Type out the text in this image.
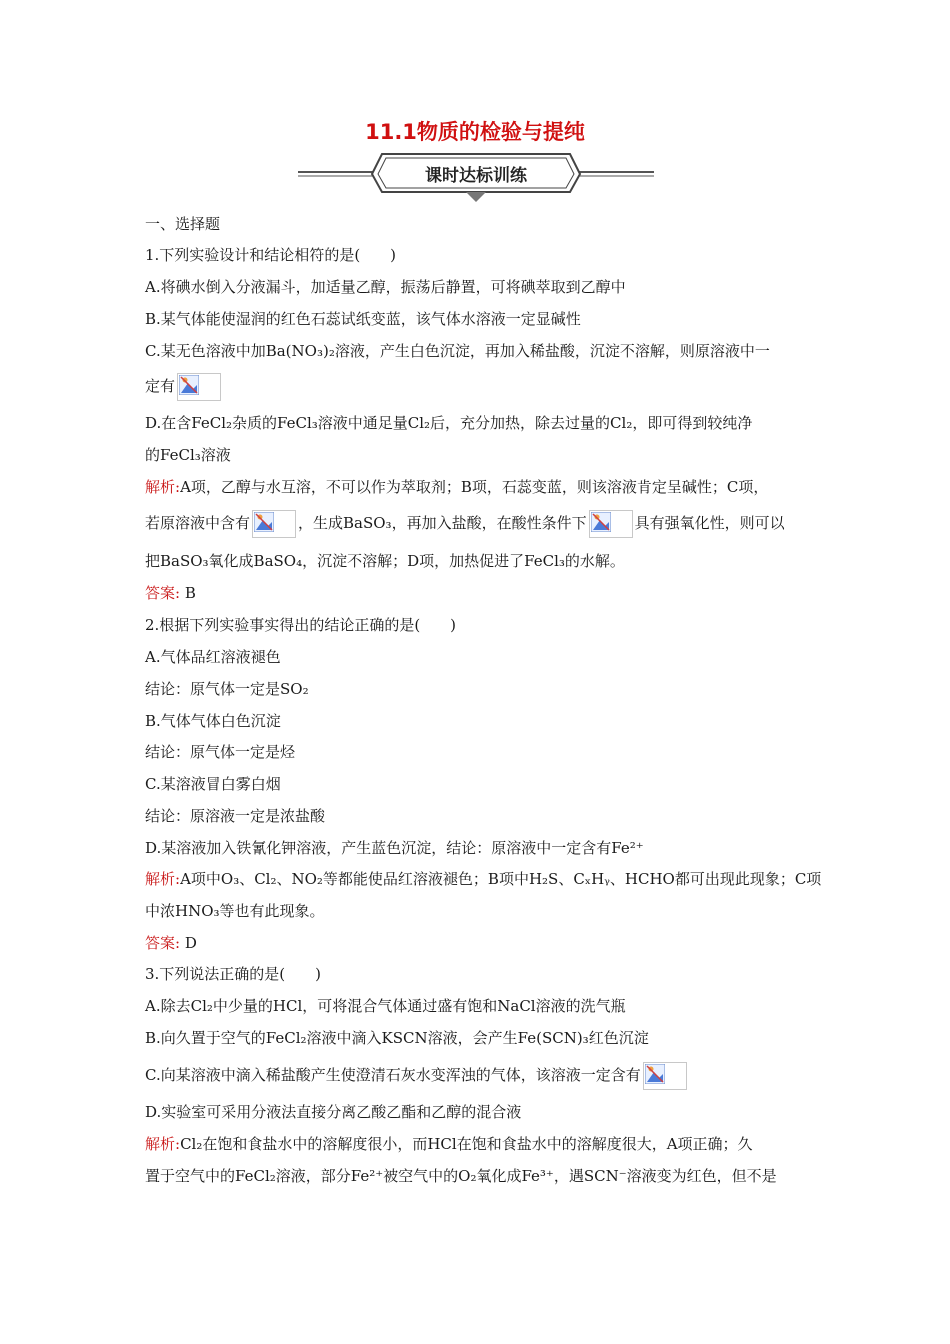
11.1物质的检验与提纯
课时达标训练
一、选择题
1.下列实验设计和结论相符的是(　　)
A.将碘水倒入分液漏斗，加适量乙醇，振荡后静置，可将碘萃取到乙醇中
B.某气体能使湿润的红色石蕊试纸变蓝，该气体水溶液一定显碱性
C.某无色溶液中加Ba(NO₃)₂溶液，产生白色沉淀，再加入稀盐酸，沉淀不溶解，则原溶液中一
定有
D.在含FeCl₂杂质的FeCl₃溶液中通足量Cl₂后，充分加热，除去过量的Cl₂，即可得到较纯净
的FeCl₃溶液
解析:A项，乙醇与水互溶，不可以作为萃取剂；B项，石蕊变蓝，则该溶液肯定呈碱性；C项，
若原溶液中含有	，生成BaSO₃，再加入盐酸，在酸性条件下	具有强氧化性，则可以
把BaSO₃氧化成BaSO₄，沉淀不溶解；D项，加热促进了FeCl₃的水解。
答案: B
2.根据下列实验事实得出的结论正确的是(　　)
A.气体品红溶液褪色
结论：原气体一定是SO₂
B.气体气体白色沉淀
结论：原气体一定是烃
C.某溶液冒白雾白烟
结论：原溶液一定是浓盐酸
D.某溶液加入铁氰化钾溶液，产生蓝色沉淀，结论：原溶液中一定含有Fe²⁺
解析:A项中O₃、Cl₂、NO₂等都能使品红溶液褪色；B项中H₂S、CₓHᵧ、HCHO都可出现此现象；C项
中浓HNO₃等也有此现象。
答案: D
3.下列说法正确的是(　　)
A.除去Cl₂中少量的HCl，可将混合气体通过盛有饱和NaCl溶液的洗气瓶
B.向久置于空气的FeCl₂溶液中滴入KSCN溶液，会产生Fe(SCN)₃红色沉淀
C.向某溶液中滴入稀盐酸产生使澄清石灰水变浑浊的气体，该溶液一定含有
D.实验室可采用分液法直接分离乙酸乙酯和乙醇的混合液
解析:Cl₂在饱和食盐水中的溶解度很小，而HCl在饱和食盐水中的溶解度很大，A项正确；久
置于空气中的FeCl₂溶液，部分Fe²⁺被空气中的O₂氧化成Fe³⁺，遇SCN⁻溶液变为红色，但不是
